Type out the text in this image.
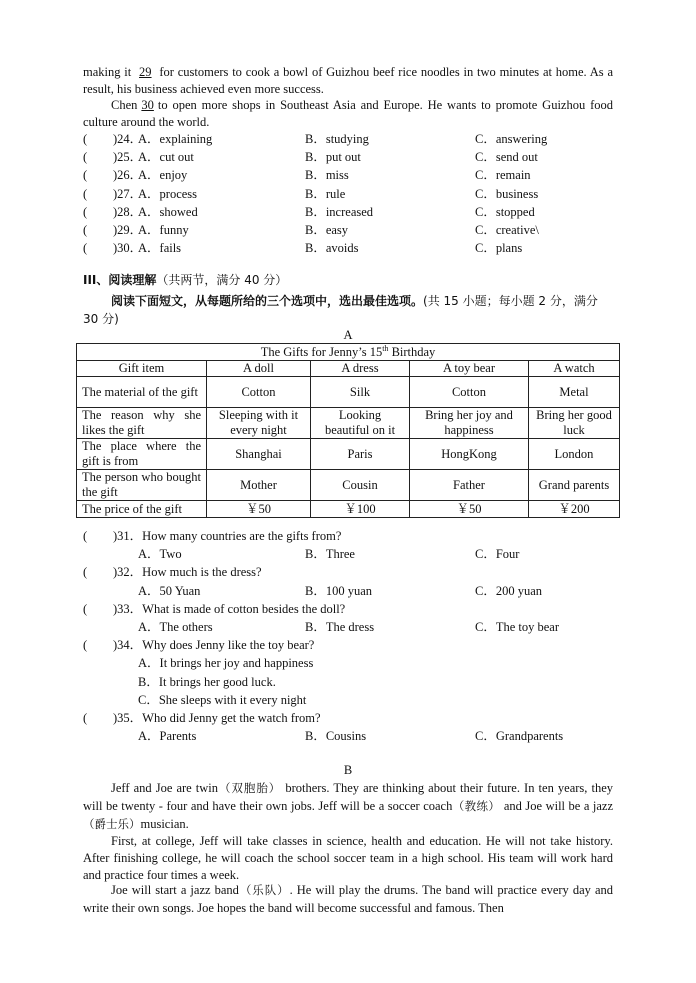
making it 29 for customers to cook a bowl of Guizhou beef rice noodles in two minutes at home. As a result, his business achieved even more success.
Chen 30 to open more shops in Southeast Asia and Europe. He wants to promote Guizhou food culture around the world.
( )24．
A．explaining	B．studying	C．answering
( )25．
A．cut out	B．put out	C．send out
( )26．
A．enjoy	B．miss	C．remain
( )27．
A．process	B．rule	C．business
( )28．
A．showed	B．increased	C．stopped
( )29．
A．funny	B．easy	C．creative\
( )30．
A．fails	B．avoids	C．plans
III、阅读理解（共两节，满分 40 分）
阅读下面短文，从每题所给的三个选项中，选出最佳选项。(共 15 小题；每小题 2 分，满分 30 分)
A
The Gifts for Jenny’s 15th Birthday				
Gift item	A doll	A dress	A toy bear	A watch
The material of the gift	Cotton	Silk	Cotton	Metal
The reason why she likes the gift	Sleeping with it every night	Looking beautiful on it	Bring her joy and happiness	Bring her good luck
The place where the gift is from	Shanghai	Paris	HongKong	London
The person who bought the gift	Mother	Cousin	Father	Grand parents
The price of the gift	￥50	￥100	￥50	￥200
( )31．How many countries are the gifts from?
A．Two	B．Three	C．Four
( )32．How much is the dress?
A．50 Yuan	B．100 yuan	C．200 yuan
( )33．What is made of cotton besides the doll?
A．The others	B．The dress	C．The toy bear
( )34．Why does Jenny like the toy bear?
A．It brings her joy and happiness
B．It brings her good luck.
C．She sleeps with it every night
( )35．Who did Jenny get the watch from?
A．Parents	B．Cousins	C．Grandparents
B
Jeff and Joe are twin（双胞胎） brothers. They are thinking about their future. In ten years, they will be twenty - four and have their own jobs. Jeff will be a soccer coach（教练） and Joe will be a jazz（爵士乐）musician.
First, at college, Jeff will take classes in science, health and education. He will not take history. After finishing college, he will coach the school soccer team in a high school. His team will work hard and practice four times a week.
Joe will start a jazz band（乐队）. He will play the drums. The band will practice every day and write their own songs. Joe hopes the band will become successful and famous. Then
